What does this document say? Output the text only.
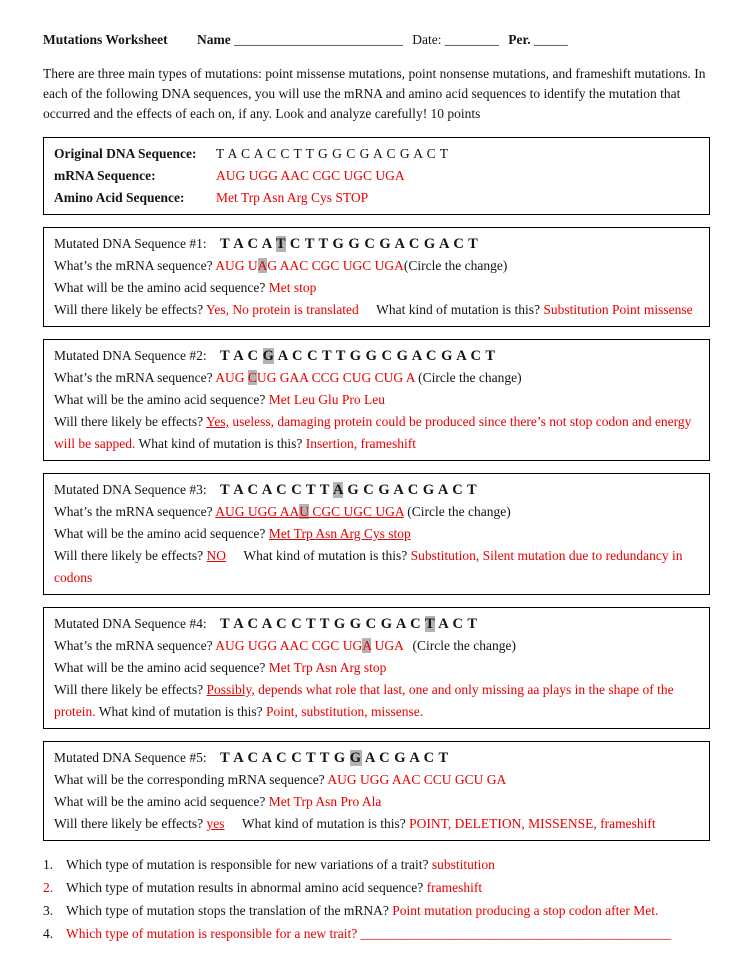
Mutations Worksheet Name _________________________ Date: ________ Per. _____

There are three main types of mutations: point missense mutations, point nonsense mutations, and frameshift mutations. In each of the following DNA sequences, you will use the mRNA and amino acid sequences to identify the mutation that occurred and the effects of each on, if any. Look and analyze carefully! 10 points

Original DNA Sequence: T A C A C C T T G G C G A C G A C T

mRNA Sequence:	AUG UGG AAC CGC UGC UGA

Amino Acid Sequence: Met Trp Asn Arg Cys STOP

Mutated DNA Sequence #1: T A C A T C T T G G C G A C G A C T

What’s the mRNA sequence? AUG UAG AAC CGC UGC UGA(Circle the change)

What will be the amino acid sequence? Met stop

Will there likely be effects? Yes, No protein is translated What kind of mutation is this? Substitution Point missense

Mutated DNA Sequence #2: T A C G A C C T T G G C G A C G A C T

What’s the mRNA sequence? AUG CUG GAA CCG CUG CUG A (Circle the change)

What will be the amino acid sequence? Met Leu Glu Pro Leu

Will there likely be effects? Yes, useless, damaging protein could be produced since there’s not stop codon and energy will be sapped. What kind of mutation is this? Insertion, frameshift

Mutated DNA Sequence #3: T A C A C C T T A G C G A C G A C T

What’s the mRNA sequence? AUG UGG AAU CGC UGC UGA (Circle the change)

What will be the amino acid sequence? Met Trp Asn Arg Cys stop

Will there likely be effects? NO What kind of mutation is this? Substitution, Silent mutation due to redundancy in codons

Mutated DNA Sequence #4: T A C A C C T T G G C G A C T A C T

What’s the mRNA sequence? AUG UGG AAC CGC UGA UGA (Circle the change)

What will be the amino acid sequence? Met Trp Asn Arg stop

Will there likely be effects? Possibly, depends what role that last, one and only missing aa plays in the shape of the protein. What kind of mutation is this? Point, substitution, missense.

Mutated DNA Sequence #5: T A C A C C T T G G A C G A C T

What will be the corresponding mRNA sequence? AUG UGG AAC CCU GCU GA

What will be the amino acid sequence? Met Trp Asn Pro Ala

Will there likely be effects? yes What kind of mutation is this? POINT, DELETION, MISSENSE, frameshift

1. Which type of mutation is responsible for new variations of a trait? substitution

2. Which type of mutation results in abnormal amino acid sequence? frameshift

3. Which type of mutation stops the translation of the mRNA? Point mutation producing a stop codon after Met.

4. Which type of mutation is responsible for a new trait? ______________________________________________
